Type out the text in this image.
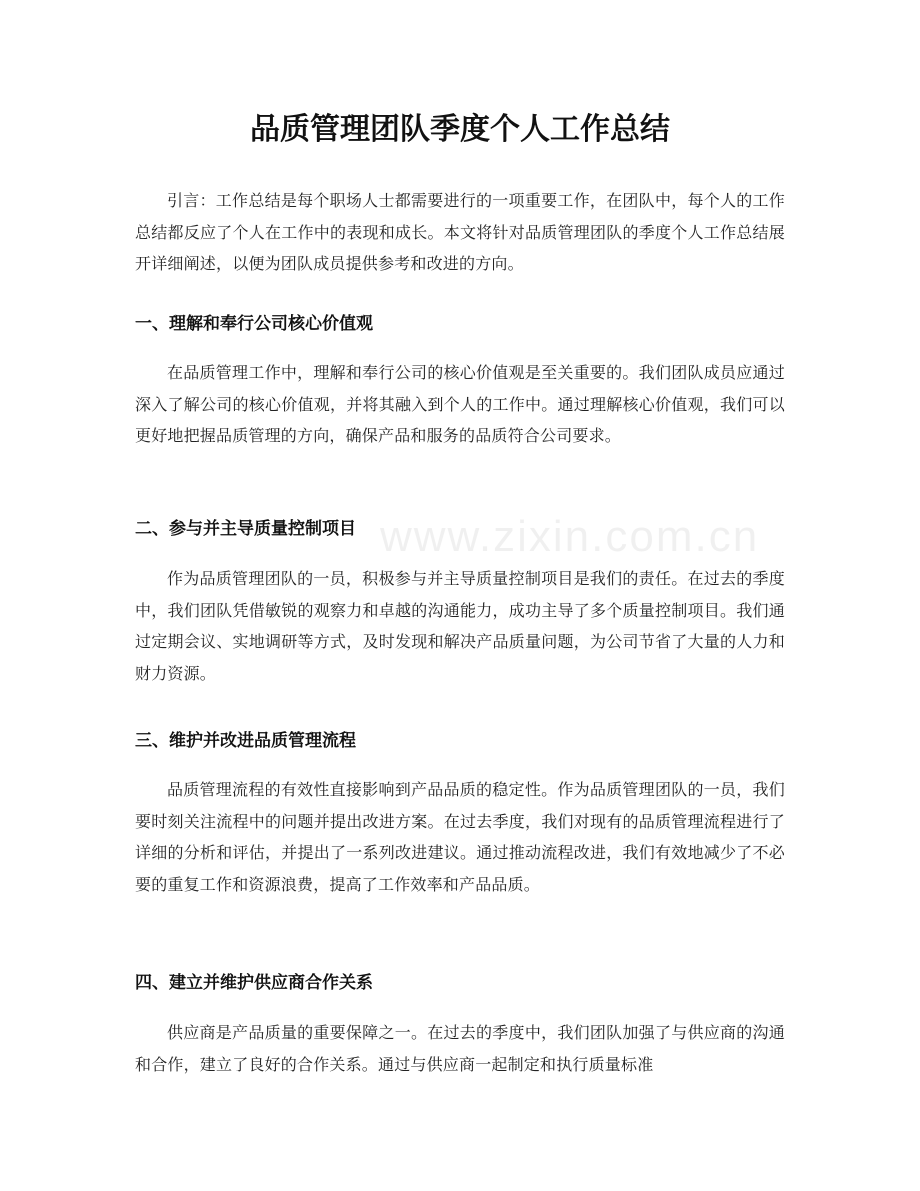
品质管理团队季度个人工作总结

引言：工作总结是每个职场人士都需要进行的一项重要工作，在团队中，每个人的工作总结都反应了个人在工作中的表现和成长。本文将针对品质管理团队的季度个人工作总结展开详细阐述，以便为团队成员提供参考和改进的方向。

一、理解和奉行公司核心价值观

在品质管理工作中，理解和奉行公司的核心价值观是至关重要的。我们团队成员应通过深入了解公司的核心价值观，并将其融入到个人的工作中。通过理解核心价值观，我们可以更好地把握品质管理的方向，确保产品和服务的品质符合公司要求。

二、参与并主导质量控制项目

作为品质管理团队的一员，积极参与并主导质量控制项目是我们的责任。在过去的季度中，我们团队凭借敏锐的观察力和卓越的沟通能力，成功主导了多个质量控制项目。我们通过定期会议、实地调研等方式，及时发现和解决产品质量问题，为公司节省了大量的人力和财力资源。

三、维护并改进品质管理流程

品质管理流程的有效性直接影响到产品品质的稳定性。作为品质管理团队的一员，我们要时刻关注流程中的问题并提出改进方案。在过去季度，我们对现有的品质管理流程进行了详细的分析和评估，并提出了一系列改进建议。通过推动流程改进，我们有效地减少了不必要的重复工作和资源浪费，提高了工作效率和产品品质。

四、建立并维护供应商合作关系

供应商是产品质量的重要保障之一。在过去的季度中，我们团队加强了与供应商的沟通和合作，建立了良好的合作关系。通过与供应商一起制定和执行质量标准

www.zixin.com.cn
